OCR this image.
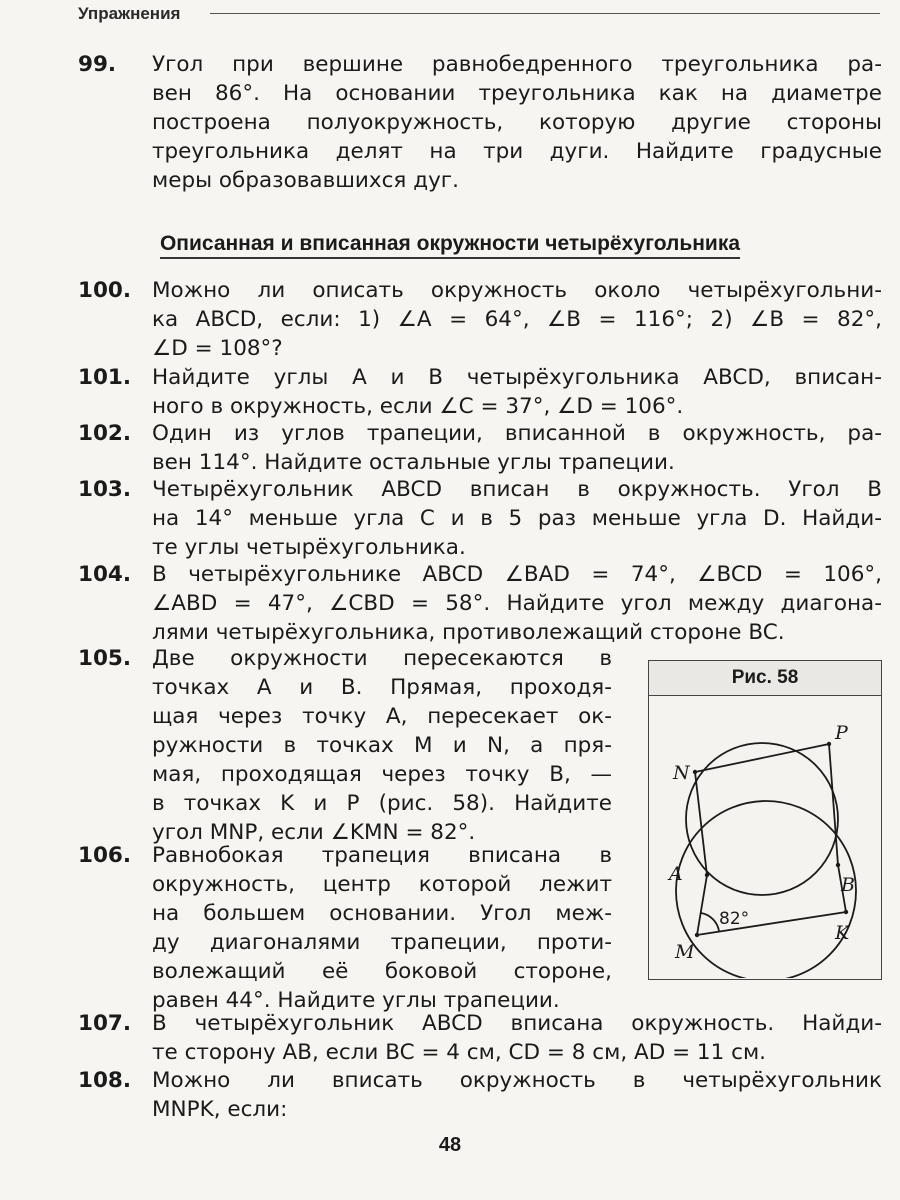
Упражнения
99. Угол при вершине равнобедренного треугольника ра-
вен 86°. На основании треугольника как на диаметре
построена полуокружность, которую другие стороны
треугольника делят на три дуги. Найдите градусные
меры образовавшихся дуг.
Описанная и вписанная окружности четырёхугольника
100. Можно ли описать окружность около четырёхугольни-
ка ABCD, если: 1) ∠A = 64°, ∠B = 116°; 2) ∠B = 82°,
∠D = 108°?
101. Найдите углы A и B четырёхугольника ABCD, вписан-
ного в окружность, если ∠C = 37°, ∠D = 106°.
102. Один из углов трапеции, вписанной в окружность, ра-
вен 114°. Найдите остальные углы трапеции.
103. Четырёхугольник ABCD вписан в окружность. Угол B
на 14° меньше угла C и в 5 раз меньше угла D. Найди-
те углы четырёхугольника.
104. В четырёхугольнике ABCD ∠BAD = 74°, ∠BCD = 106°,
∠ABD = 47°, ∠CBD = 58°. Найдите угол между диагона-
лями четырёхугольника, противолежащий стороне BC.
105. Две окружности пересекаются в
точках A и B. Прямая, проходя-
щая через точку A, пересекает ок-
ружности в точках M и N, а пря-
мая, проходящая через точку B, —
в точках K и P (рис. 58). Найдите
угол MNP, если ∠KMN = 82°.
106. Равнобокая трапеция вписана в
окружность, центр которой лежит
на большем основании. Угол меж-
ду диагоналями трапеции, проти-
волежащий её боковой стороне,
равен 44°. Найдите углы трапеции.
107. В четырёхугольник ABCD вписана окружность. Найди-
те сторону AB, если BC = 4 см, CD = 8 см, AD = 11 см.
108. Можно ли вписать окружность в четырёхугольник
MNPK, если:
Рис. 58
N
P
A	B
M
K
82°
48
